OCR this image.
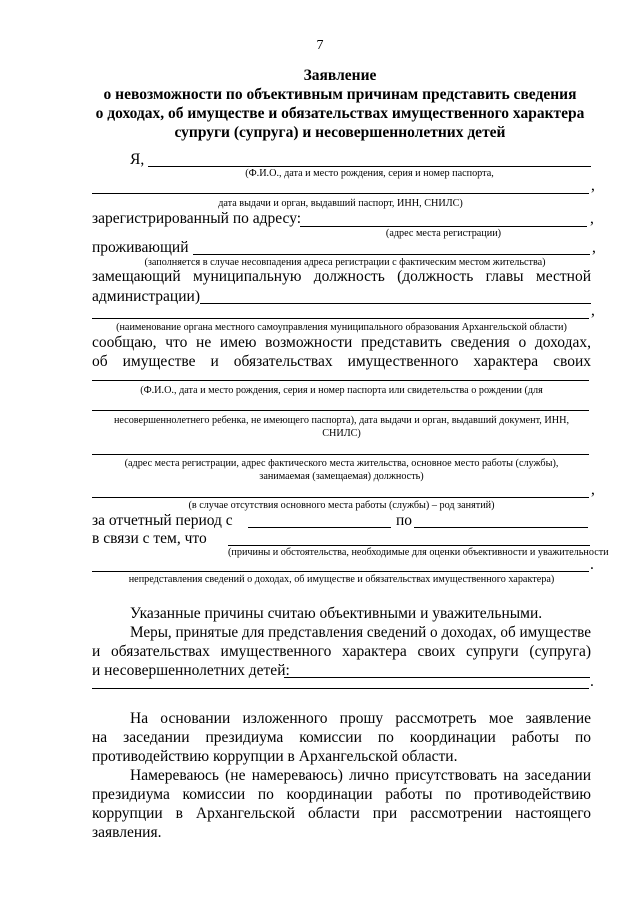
7
Заявление
о невозможности по объективным причинам представить сведения
о доходах, об имуществе и обязательствах имущественного характера
супруги (супруга) и несовершеннолетних детей
Я,
(Ф.И.О., дата и место рождения, серия и номер паспорта,
,
дата выдачи и орган, выдавший паспорт, ИНН, СНИЛС)
зарегистрированный по адресу:	,
(адрес места регистрации)
проживающий	,
(заполняется в случае несовпадения адреса регистрации с фактическим местом жительства)
замещающий муниципальную должность (должность главы местной
администрации)
,
(наименование органа местного самоуправления муниципального образования Архангельской области)
сообщаю, что не имею возможности представить сведения о доходах,
об имуществе и обязательствах имущественного характера своих
(Ф.И.О., дата и место рождения, серия и номер паспорта или свидетельства о рождении (для
несовершеннолетнего ребенка, не имеющего паспорта), дата выдачи и орган, выдавший документ, ИНН,
СНИЛС)
(адрес места регистрации, адрес фактического места жительства, основное место работы (службы),
занимаемая (замещаемая) должность)
,
(в случае отсутствия основного места работы (службы) – род занятий)
за отчетный период с	по
в связи с тем, что
(причины и обстоятельства, необходимые для оценки объективности и уважительности
.
непредставления сведений о доходах, об имуществе и обязательствах имущественного характера)
Указанные причины считаю объективными и уважительными.
Меры, принятые для представления сведений о доходах, об имуществе
и обязательствах имущественного характера своих супруги (супруга)
и несовершеннолетних детей:
.
На основании изложенного прошу рассмотреть мое заявление
на заседании президиума комиссии по координации работы по
противодействию коррупции в Архангельской области.
Намереваюсь (не намереваюсь) лично присутствовать на заседании
президиума комиссии по координации работы по противодействию
коррупции в Архангельской области при рассмотрении настоящего
заявления.
